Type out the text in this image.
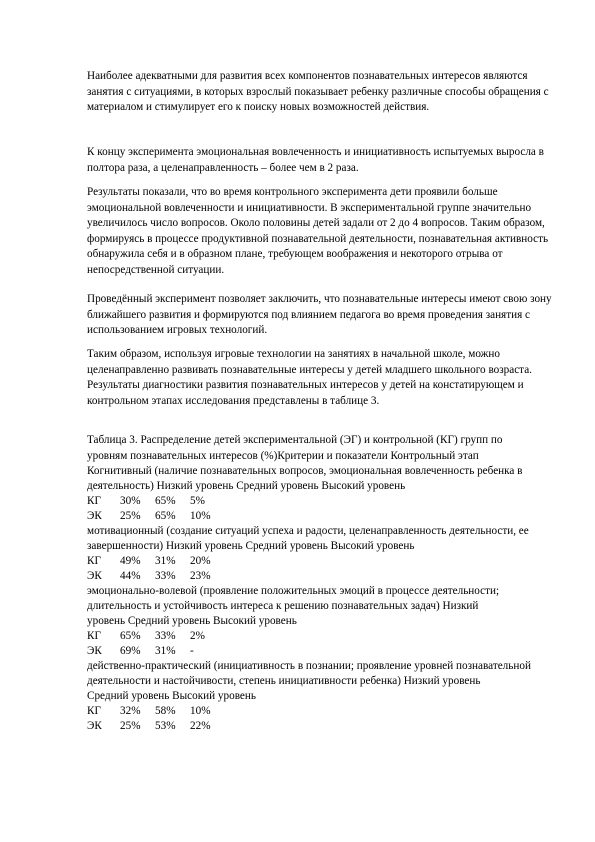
Наиболее адекватными для развития всех компонентов познавательных интересов являются занятия с ситуациями, в которых взрослый показывает ребенку различные способы обращения с материалом и стимулирует его к поиску новых возможностей действия.

К концу эксперимента эмоциональная вовлеченность и инициативность испытуемых выросла в полтора раза, а целенаправленность – более чем в 2 раза.

Результаты показали, что во время контрольного эксперимента дети проявили больше эмоциональной вовлеченности и инициативности. В экспериментальной группе значительно увеличилось число вопросов. Около половины детей задали от 2 до 4 вопросов. Таким образом, формируясь в процессе продуктивной познавательной деятельности, познавательная активность обнаружила себя и в образном плане, требующем воображения и некоторого отрыва от непосредственной ситуации.

Проведённый эксперимент позволяет заключить, что познавательные интересы имеют свою зону ближайшего развития и формируются под влиянием педагога во время проведения занятия с использованием игровых технологий.

Таким образом, используя игровые технологии на занятиях в начальной школе, можно целенаправленно развивать познавательные интересы у детей младшего школьного возраста. Результаты диагностики развития познавательных интересов у детей на констатирующем и контрольном этапах исследования представлены в таблице 3.

Таблица 3. Распределение детей экспериментальной (ЭГ) и контрольной (КГ) групп по
уровням познавательных интересов (%)Критерии и показатели Контрольный этап
Когнитивный (наличие познавательных вопросов, эмоциональная вовлеченность ребенка в
деятельность) Низкий уровень Средний уровень Высокий уровень
КГ 30% 65% 5%
ЭК 25% 65% 10%
мотивационный (создание ситуаций успеха и радости, целенаправленность деятельности, ее
завершенности) Низкий уровень Средний уровень Высокий уровень
КГ 49% 31% 20%
ЭК 44% 33% 23%
эмоционально-волевой (проявление положительных эмоций в процессе деятельности;
длительность и устойчивость интереса к решению познавательных задач) Низкий
уровень Средний уровень Высокий уровень
КГ 65% 33% 2%
ЭК 69% 31% -
действенно-практический (инициативность в познании; проявление уровней познавательной
деятельности и настойчивости, степень инициативности ребенка) Низкий уровень
Средний уровень Высокий уровень
КГ 32% 58% 10%
ЭК 25% 53% 22%
